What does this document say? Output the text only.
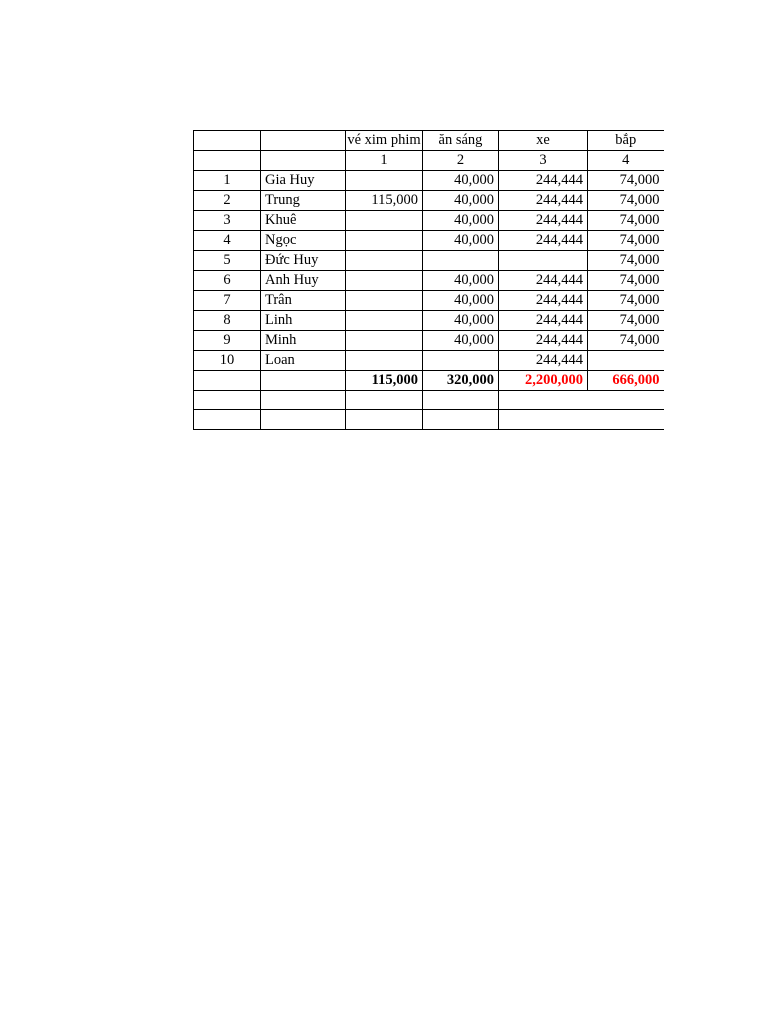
		vé xim phim	ăn sáng	xe	bắp
		1	2	3	4
1	Gia Huy		40,000	244,444	74,000
2	Trung	115,000	40,000	244,444	74,000
3	Khuê		40,000	244,444	74,000
4	Ngọc		40,000	244,444	74,000
5	Đức Huy				74,000
6	Anh Huy		40,000	244,444	74,000
7	Trân		40,000	244,444	74,000
8	Linh		40,000	244,444	74,000
9	Minh		40,000	244,444	74,000
10	Loan			244,444	
		115,000	320,000	2,200,000	666,000
